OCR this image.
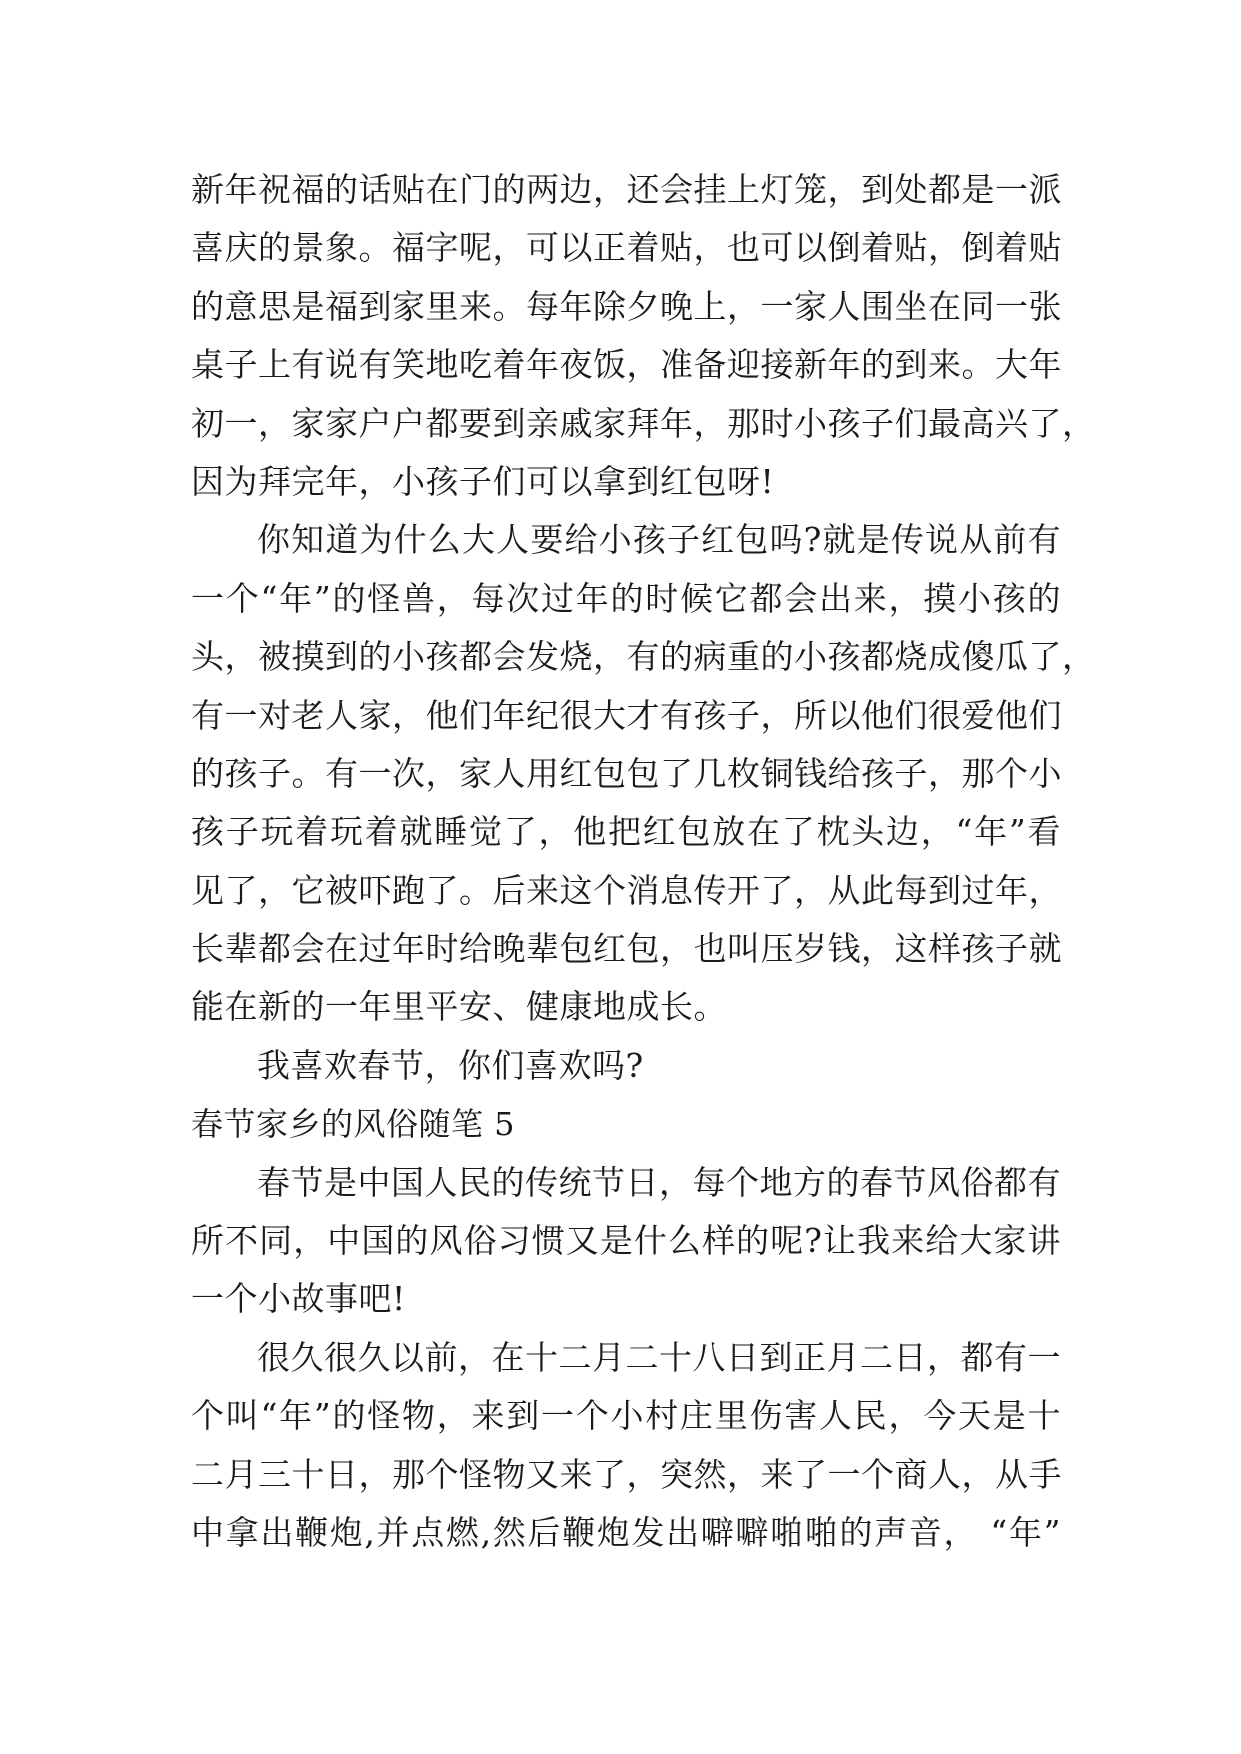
新年祝福的话贴在门的两边，还会挂上灯笼，到处都是一派
喜庆的景象。福字呢，可以正着贴，也可以倒着贴，倒着贴
的意思是福到家里来。每年除夕晚上，一家人围坐在同一张
桌子上有说有笑地吃着年夜饭，准备迎接新年的到来。大年
初一，家家户户都要到亲戚家拜年，那时小孩子们最高兴了，
因为拜完年，小孩子们可以拿到红包呀!
你知道为什么大人要给小孩子红包吗?就是传说从前有
一个“年”的怪兽，每次过年的时候它都会出来，摸小孩的
头，被摸到的小孩都会发烧，有的病重的小孩都烧成傻瓜了，
有一对老人家，他们年纪很大才有孩子，所以他们很爱他们
的孩子。有一次，家人用红包包了几枚铜钱给孩子，那个小
孩子玩着玩着就睡觉了，他把红包放在了枕头边，“年”看
见了，它被吓跑了。后来这个消息传开了，从此每到过年，
长辈都会在过年时给晚辈包红包，也叫压岁钱，这样孩子就
能在新的一年里平安、健康地成长。
我喜欢春节，你们喜欢吗?
春节家乡的风俗随笔 5
春节是中国人民的传统节日，每个地方的春节风俗都有
所不同，中国的风俗习惯又是什么样的呢?让我来给大家讲
一个小故事吧!
很久很久以前，在十二月二十八日到正月二日，都有一
个叫“年”的怪物，来到一个小村庄里伤害人民，今天是十
二月三十日，那个怪物又来了，突然，来了一个商人，从手
中拿出鞭炮,并点燃,然后鞭炮发出噼噼啪啪的声音， “年”
